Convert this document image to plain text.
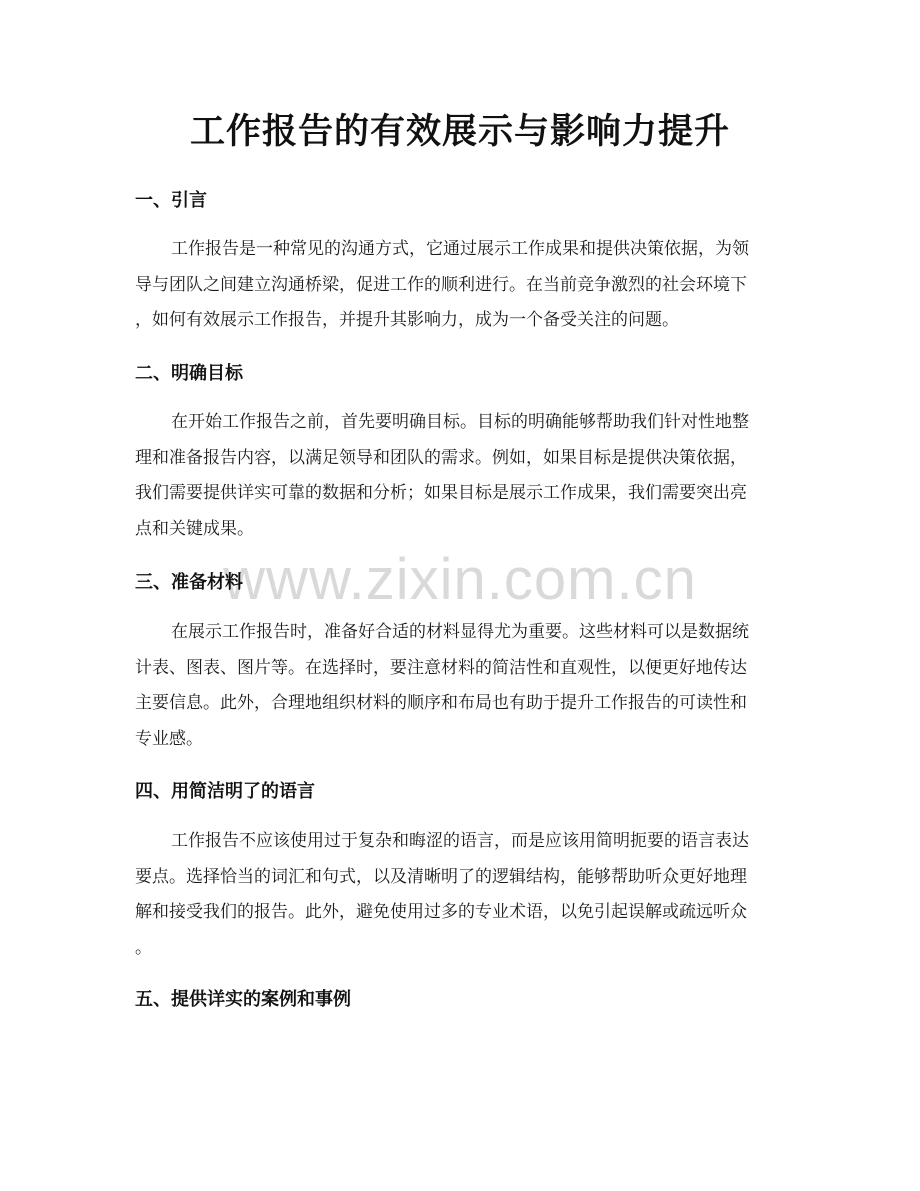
工作报告的有效展示与影响力提升
一、引言

工作报告是一种常见的沟通方式，它通过展示工作成果和提供决策依据，为领
导与团队之间建立沟通桥梁，促进工作的顺利进行。在当前竞争激烈的社会环境下
，如何有效展示工作报告，并提升其影响力，成为一个备受关注的问题。

二、明确目标

在开始工作报告之前，首先要明确目标。目标的明确能够帮助我们针对性地整
理和准备报告内容，以满足领导和团队的需求。例如，如果目标是提供决策依据，
我们需要提供详实可靠的数据和分析；如果目标是展示工作成果，我们需要突出亮
点和关键成果。

www.zixin.com.cn
三、准备材料

在展示工作报告时，准备好合适的材料显得尤为重要。这些材料可以是数据统
计表、图表、图片等。在选择时，要注意材料的简洁性和直观性，以便更好地传达
主要信息。此外，合理地组织材料的顺序和布局也有助于提升工作报告的可读性和
专业感。

四、用简洁明了的语言

工作报告不应该使用过于复杂和晦涩的语言，而是应该用简明扼要的语言表达
要点。选择恰当的词汇和句式，以及清晰明了的逻辑结构，能够帮助听众更好地理
解和接受我们的报告。此外，避免使用过多的专业术语，以免引起误解或疏远听众
。

五、提供详实的案例和事例
